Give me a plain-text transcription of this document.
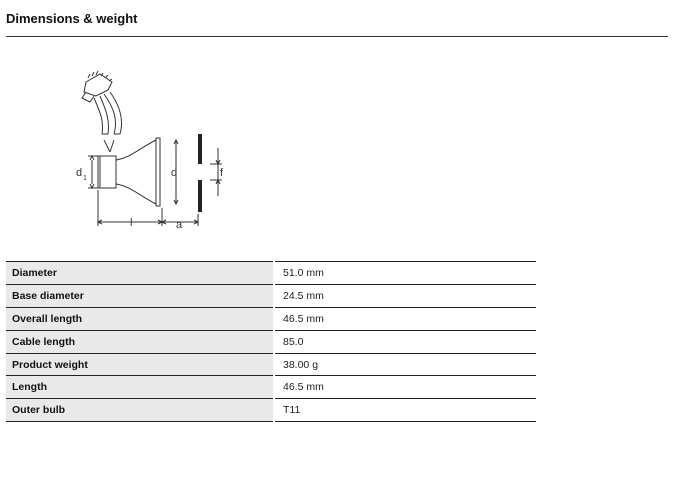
Dimensions & weight
d 1	d	f
l	a
Diameter	51.0 mm
Base diameter	24.5 mm
Overall length	46.5 mm
Cable length	85.0
Product weight	38.00 g
Length	46.5 mm
Outer bulb	T11
